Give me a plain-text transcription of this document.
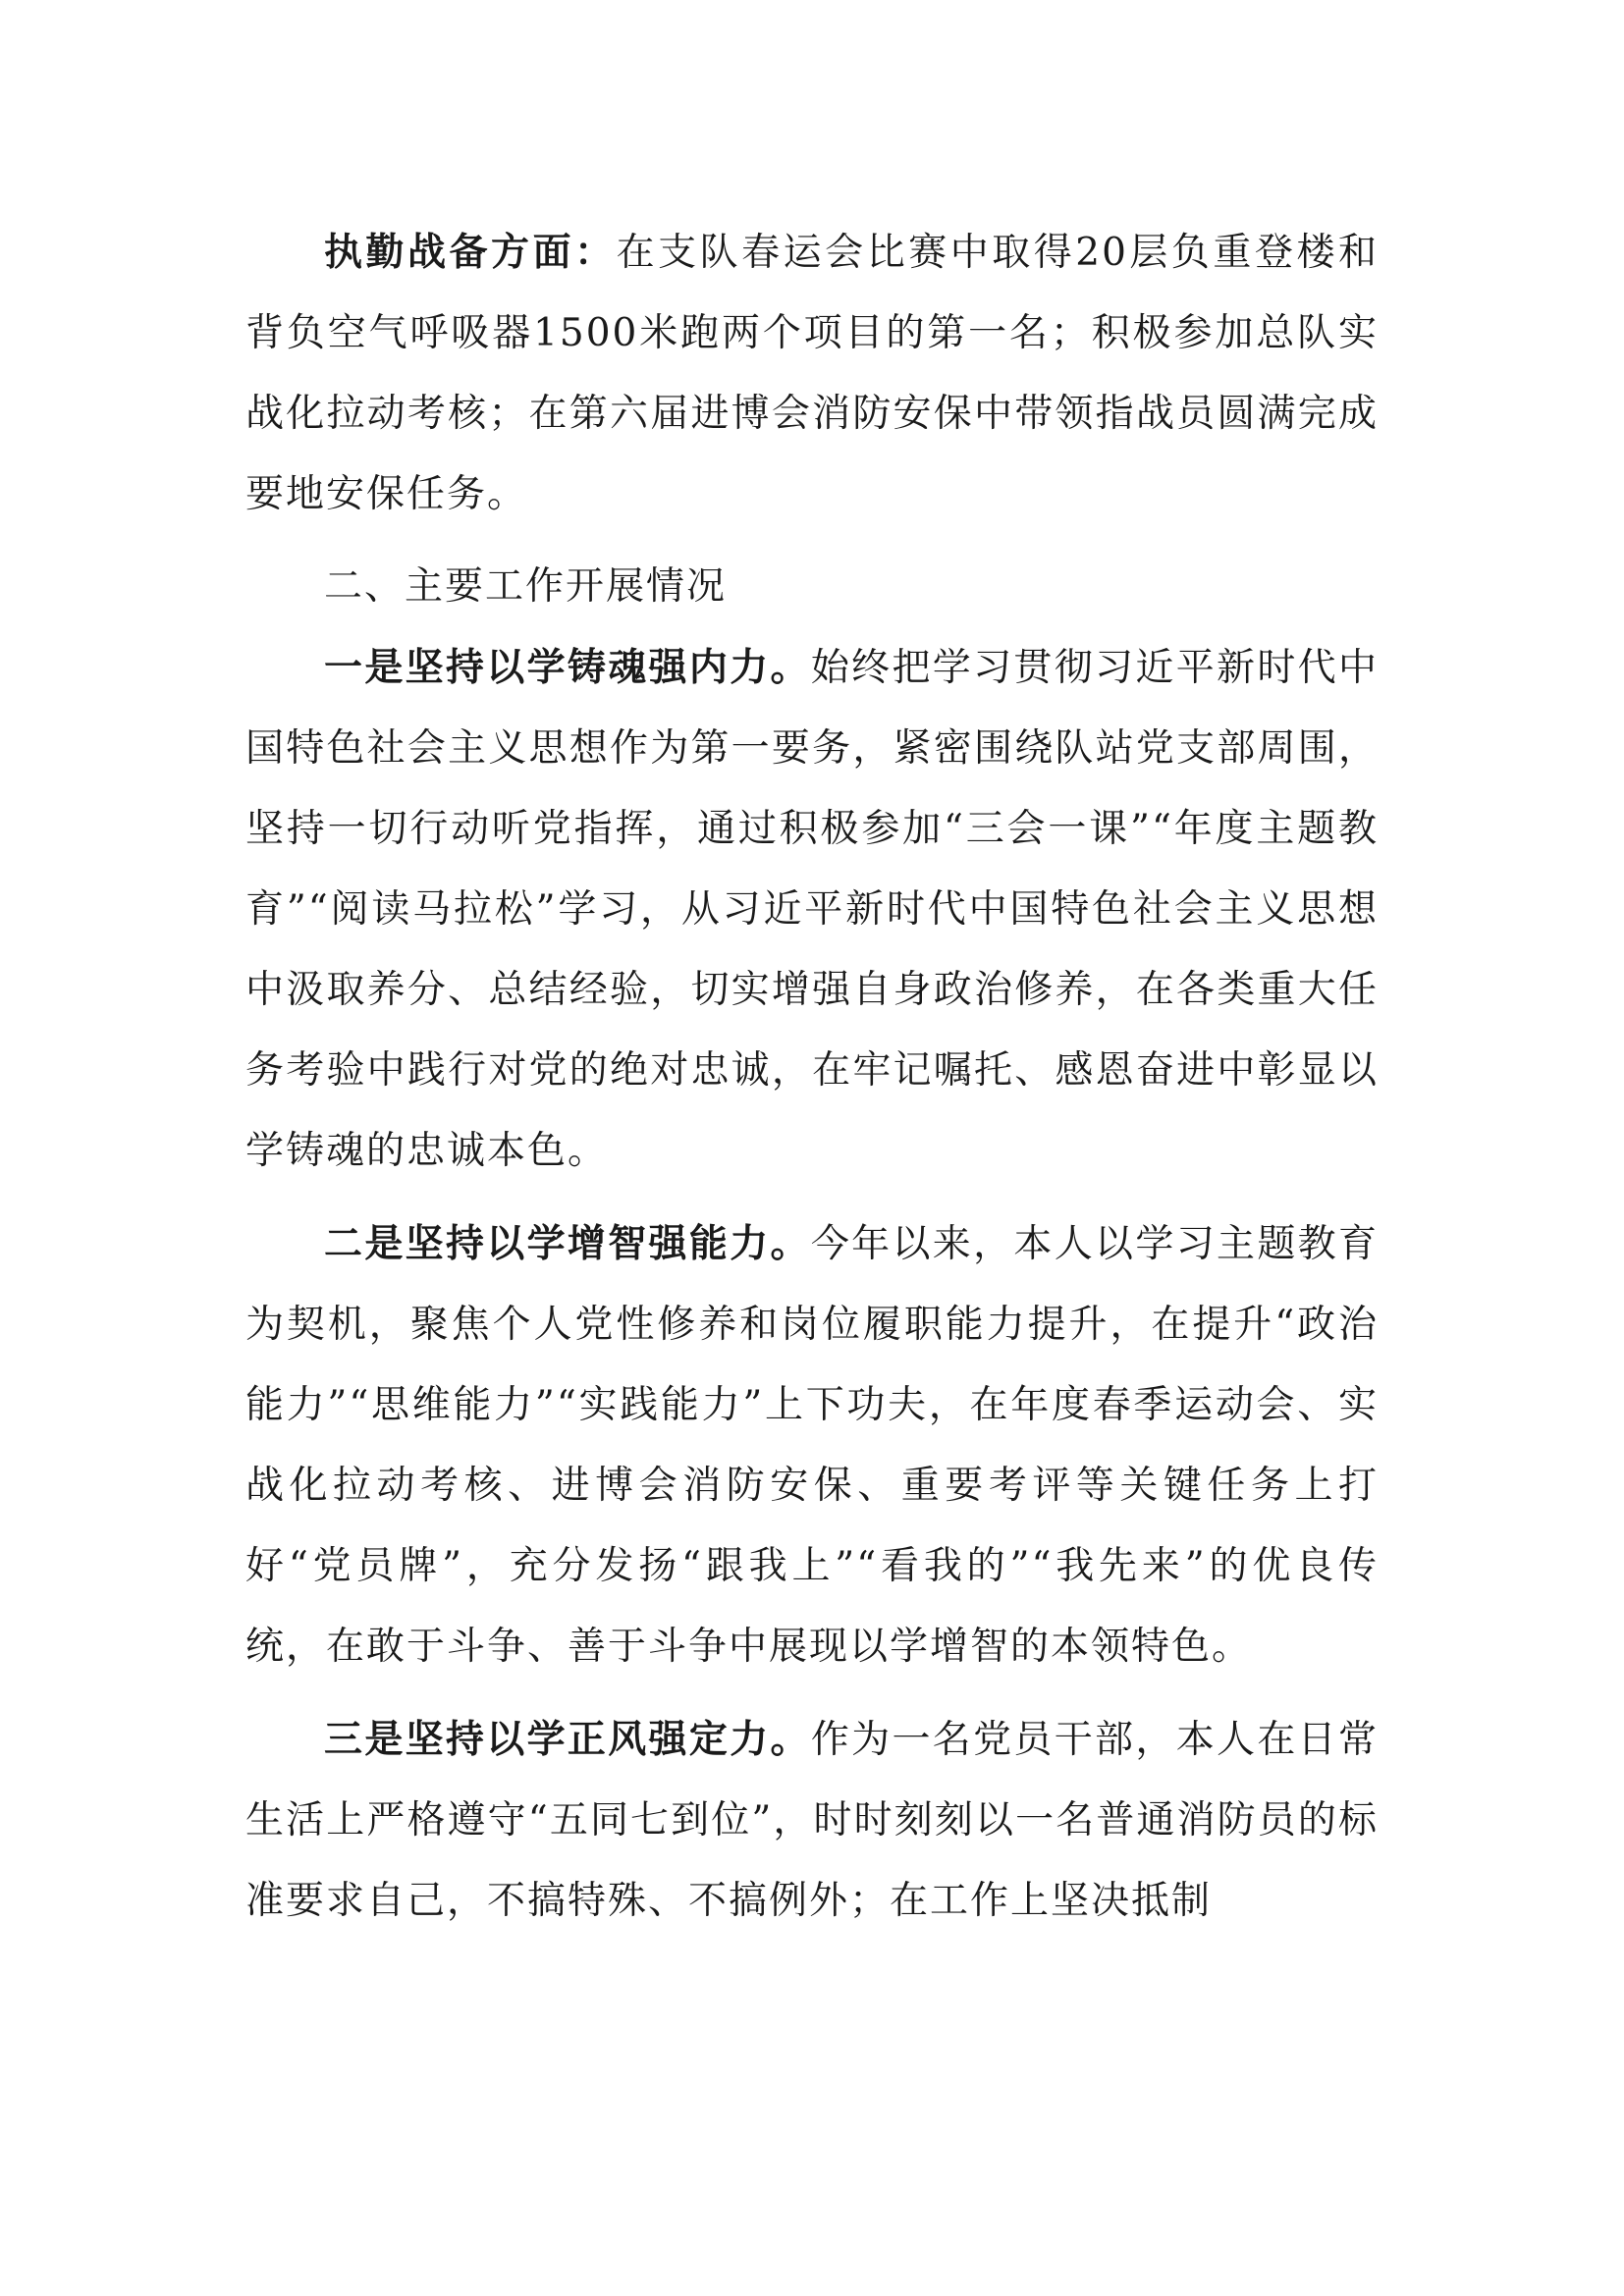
执勤战备方面：在支队春运会比赛中取得20层负重登楼和背负空气呼吸器1500米跑两个项目的第一名；积极参加总队实战化拉动考核；在第六届进博会消防安保中带领指战员圆满完成要地安保任务。

二、主要工作开展情况

一是坚持以学铸魂强内力。始终把学习贯彻习近平新时代中国特色社会主义思想作为第一要务，紧密围绕队站党支部周围，坚持一切行动听党指挥，通过积极参加“三会一课”“年度主题教育”“阅读马拉松”学习，从习近平新时代中国特色社会主义思想中汲取养分、总结经验，切实增强自身政治修养，在各类重大任务考验中践行对党的绝对忠诚，在牢记嘱托、感恩奋进中彰显以学铸魂的忠诚本色。

二是坚持以学增智强能力。今年以来，本人以学习主题教育为契机，聚焦个人党性修养和岗位履职能力提升，在提升“政治能力”“思维能力”“实践能力”上下功夫，在年度春季运动会、实战化拉动考核、进博会消防安保、重要考评等关键任务上打好“党员牌”，充分发扬“跟我上”“看我的”“我先来”的优良传统，在敢于斗争、善于斗争中展现以学增智的本领特色。

三是坚持以学正风强定力。作为一名党员干部，本人在日常生活上严格遵守“五同七到位”，时时刻刻以一名普通消防员的标准要求自己，不搞特殊、不搞例外；在工作上坚决抵制
